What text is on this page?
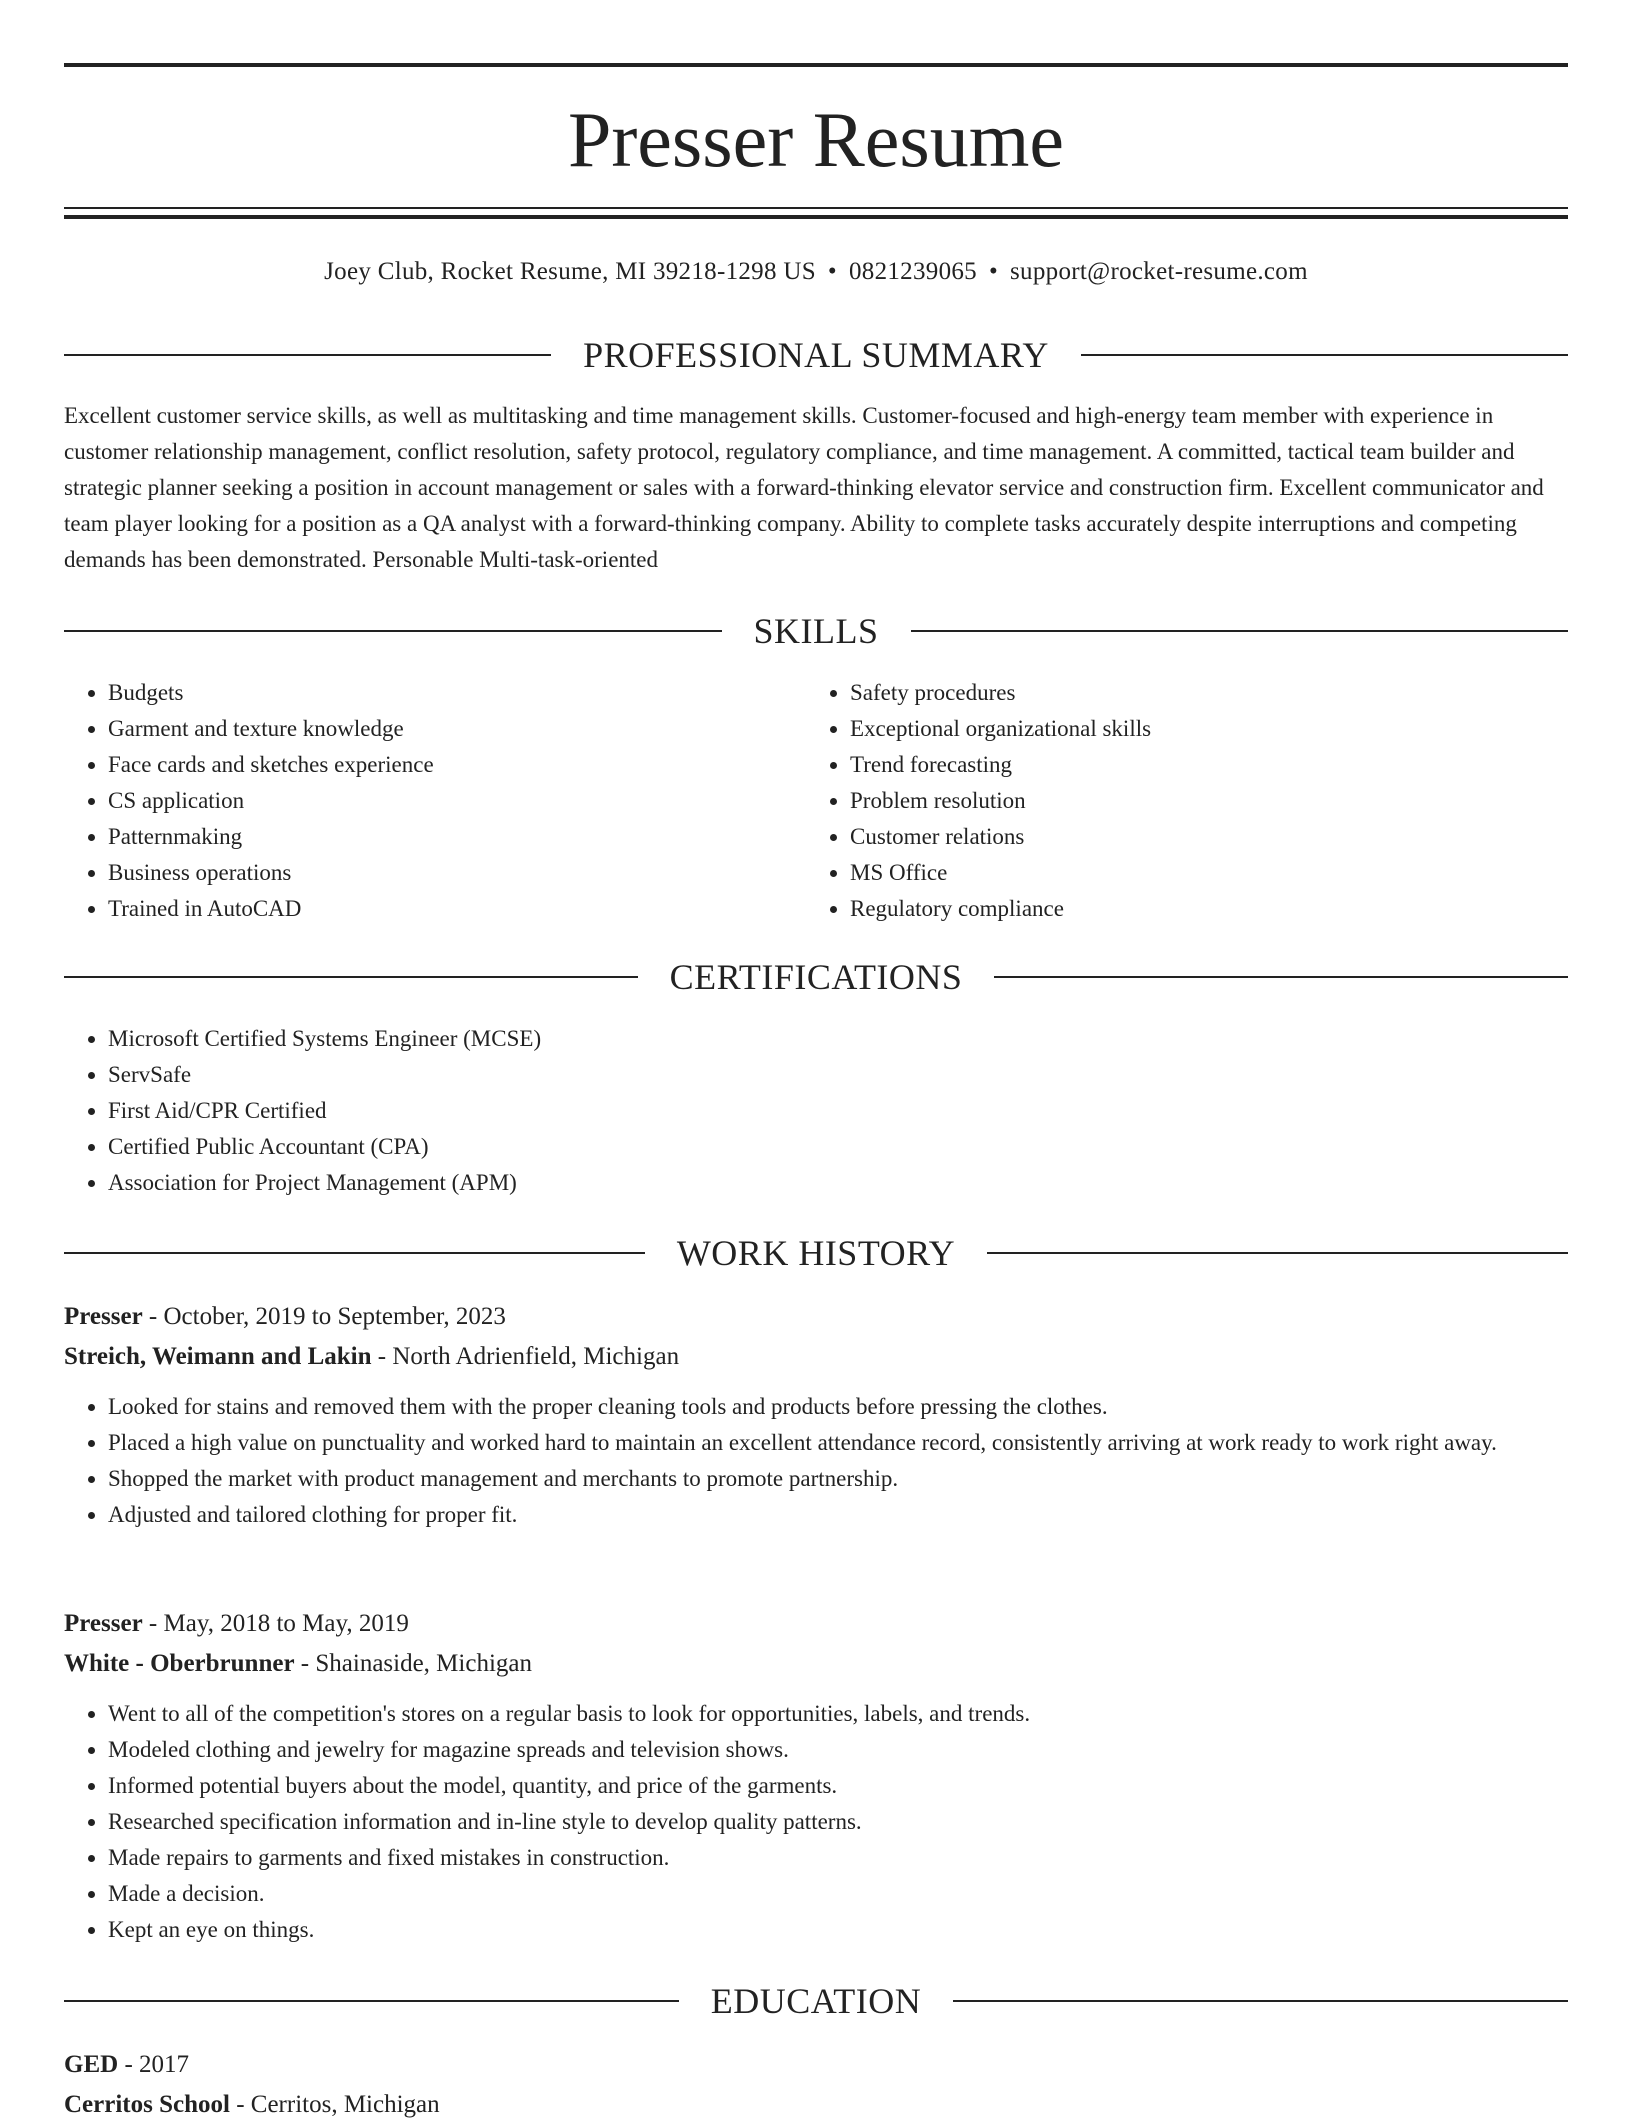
Presser Resume
Joey Club, Rocket Resume, MI 39218-1298 US • 0821239065 • support@rocket-resume.com
PROFESSIONAL SUMMARY

Excellent customer service skills, as well as multitasking and time management skills. Customer-focused and high-energy team member with experience in customer relationship management, conflict resolution, safety protocol, regulatory compliance, and time management. A committed, tactical team builder and strategic planner seeking a position in account management or sales with a forward-thinking elevator service and construction firm. Excellent communicator and team player looking for a position as a QA analyst with a forward-thinking company. Ability to complete tasks accurately despite interruptions and competing demands has been demonstrated. Personable Multi-task-oriented

SKILLS
• Budgets
• Garment and texture knowledge
• Face cards and sketches experience
• CS application
• Patternmaking
• Business operations
• Trained in AutoCAD
• Safety procedures
• Exceptional organizational skills
• Trend forecasting
• Problem resolution
• Customer relations
• MS Office
• Regulatory compliance
CERTIFICATIONS
• Microsoft Certified Systems Engineer (MCSE)
• ServSafe
• First Aid/CPR Certified
• Certified Public Accountant (CPA)
• Association for Project Management (APM)
WORK HISTORY
Presser - October, 2019 to September, 2023
Streich, Weimann and Lakin - North Adrienfield, Michigan
• Looked for stains and removed them with the proper cleaning tools and products before pressing the clothes.
• Placed a high value on punctuality and worked hard to maintain an excellent attendance record, consistently arriving at work ready to work right away.
• Shopped the market with product management and merchants to promote partnership.
• Adjusted and tailored clothing for proper fit.
Presser - May, 2018 to May, 2019
White - Oberbrunner - Shainaside, Michigan
• Went to all of the competition's stores on a regular basis to look for opportunities, labels, and trends.
• Modeled clothing and jewelry for magazine spreads and television shows.
• Informed potential buyers about the model, quantity, and price of the garments.
• Researched specification information and in-line style to develop quality patterns.
• Made repairs to garments and fixed mistakes in construction.
• Made a decision.
• Kept an eye on things.
EDUCATION
GED - 2017
Cerritos School - Cerritos, Michigan
